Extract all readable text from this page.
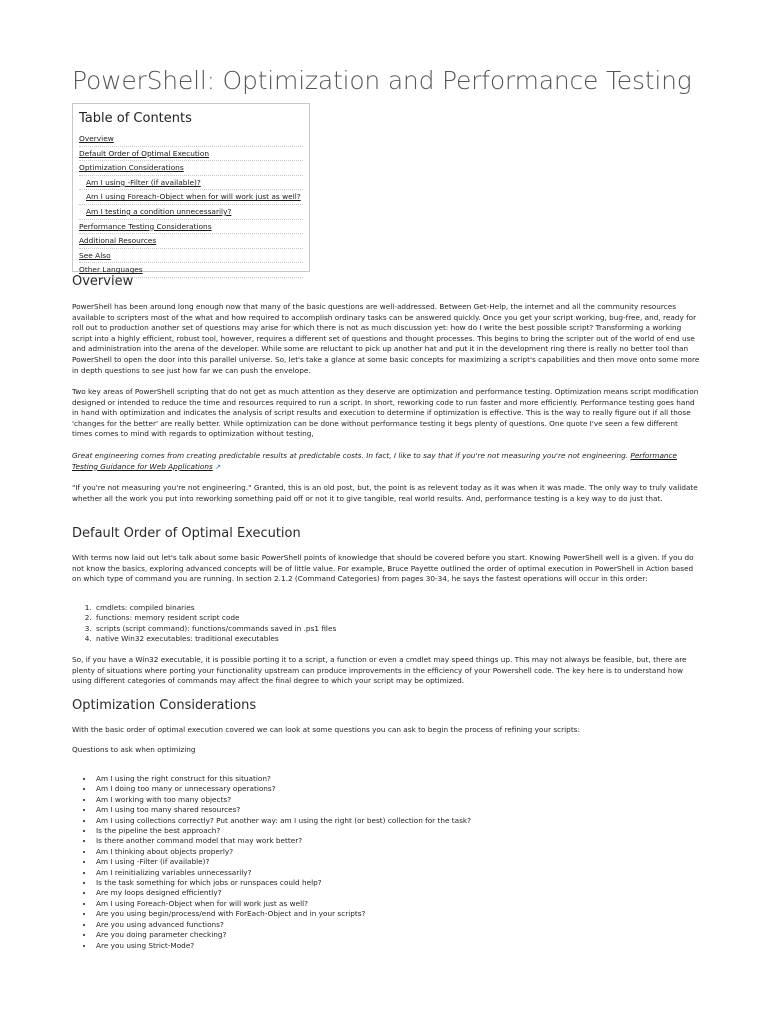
PowerShell: Optimization and Performance Testing
Table of Contents
Overview
Default Order of Optimal Execution
Optimization Considerations
Am I using -Filter (if available)?
Am I using Foreach-Object when for will work just as well?
Am I testing a condition unnecessarily?
Performance Testing Considerations
Additional Resources
See Also
Other Languages
Overview

PowerShell has been around long enough now that many of the basic questions are well-addressed. Between Get-Help, the internet and all the community resources available to scripters most of the what and how required to accomplish ordinary tasks can be answered quickly. Once you get your script working, bug-free, and, ready for roll out to production another set of questions may arise for which there is not as much discussion yet: how do I write the best possible script? Transforming a working script into a highly efficient, robust tool, however, requires a different set of questions and thought processes. This begins to bring the scripter out of the world of end use and administration into the arena of the developer. While some are reluctant to pick up another hat and put it in the development ring there is really no better tool than PowerShell to open the door into this parallel universe. So, let's take a glance at some basic concepts for maximizing a script's capabilities and then move onto some more in depth questions to see just how far we can push the envelope.

Two key areas of PowerShell scripting that do not get as much attention as they deserve are optimization and performance testing. Optimization means script modification designed or intended to reduce the time and resources required to run a script. In short, reworking code to run faster and more efficiently. Performance testing goes hand in hand with optimization and indicates the analysis of script results and execution to determine if optimization is effective. This is the way to really figure out if all those 'changes for the better' are really better. While optimization can be done without performance testing it begs plenty of questions. One quote I've seen a few different times comes to mind with regards to optimization without testing,

Great engineering comes from creating predictable results at predictable costs. In fact, I like to say that if you're not measuring you're not engineering. Performance Testing Guidance for Web Applications ↗

"If you're not measuring you're not engineering." Granted, this is an old post, but, the point is as relevent today as it was when it was made. The only way to truly validate whether all the work you put into reworking something paid off or not it to give tangible, real world results. And, performance testing is a key way to do just that.

Default Order of Optimal Execution

With terms now laid out let's talk about some basic PowerShell points of knowledge that should be covered before you start. Knowing PowerShell well is a given. If you do not know the basics, exploring advanced concepts will be of little value. For example, Bruce Payette outlined the order of optimal execution in PowerShell in Action based on which type of command you are running. In section 2.1.2 (Command Categories) from pages 30-34, he says the fastest operations will occur in this order:

1. cmdlets: compiled binaries
2. functions: memory resident script code
3. scripts (script command): functions/commands saved in .ps1 files
4. native Win32 executables: traditional executables

So, if you have a Win32 executable, it is possible porting it to a script, a function or even a cmdlet may speed things up. This may not always be feasible, but, there are plenty of situations where porting your functionality upstream can produce improvements in the efficiency of your Powershell code. The key here is to understand how using different categories of commands may affect the final degree to which your script may be optimized.

Optimization Considerations

With the basic order of optimal execution covered we can look at some questions you can ask to begin the process of refining your scripts:

Questions to ask when optimizing

• Am I using the right construct for this situation?
• Am I doing too many or unnecessary operations?
• Am I working with too many objects?
• Am I using too many shared resources?
• Am I using collections correctly? Put another way: am I using the right (or best) collection for the task?
• Is the pipeline the best approach?
• Is there another command model that may work better?
• Am I thinking about objects properly?
• Am I using -Filter (if available)?
• Am I reinitializing variables unnecessarily?
• Is the task something for which jobs or runspaces could help?
• Are my loops designed efficiently?
• Am I using Foreach-Object when for will work just as well?
• Are you using begin/process/end with ForEach-Object and in your scripts?
• Are you using advanced functions?
• Are you doing parameter checking?
• Are you using Strict-Mode?
